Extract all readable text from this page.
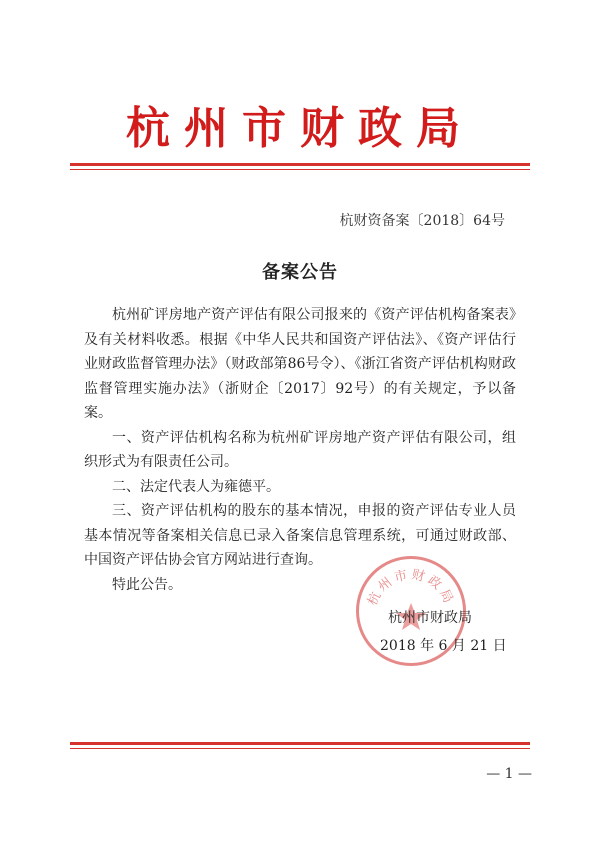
杭州市财政局
杭财资备案〔2018〕64号
备案公告

杭州矿评房地产资产评估有限公司报来的《资产评估机构备案表》及有关材料收悉。根据《中华人民共和国资产评估法》、《资产评估行业财政监督管理办法》（财政部第86号令）、《浙江省资产评估机构财政监督管理实施办法》（浙财企〔2017〕92号）的有关规定，予以备案。

一、资产评估机构名称为杭州矿评房地产资产评估有限公司，组织形式为有限责任公司。

二、法定代表人为雍德平。

三、资产评估机构的股东的基本情况，申报的资产评估专业人员基本情况等备案相关信息已录入备案信息管理系统，可通过财政部、中国资产评估协会官方网站进行查询。

特此公告。

杭州市财政局
杭州市财政局
2018 年 6 月 21 日
— 1 —
